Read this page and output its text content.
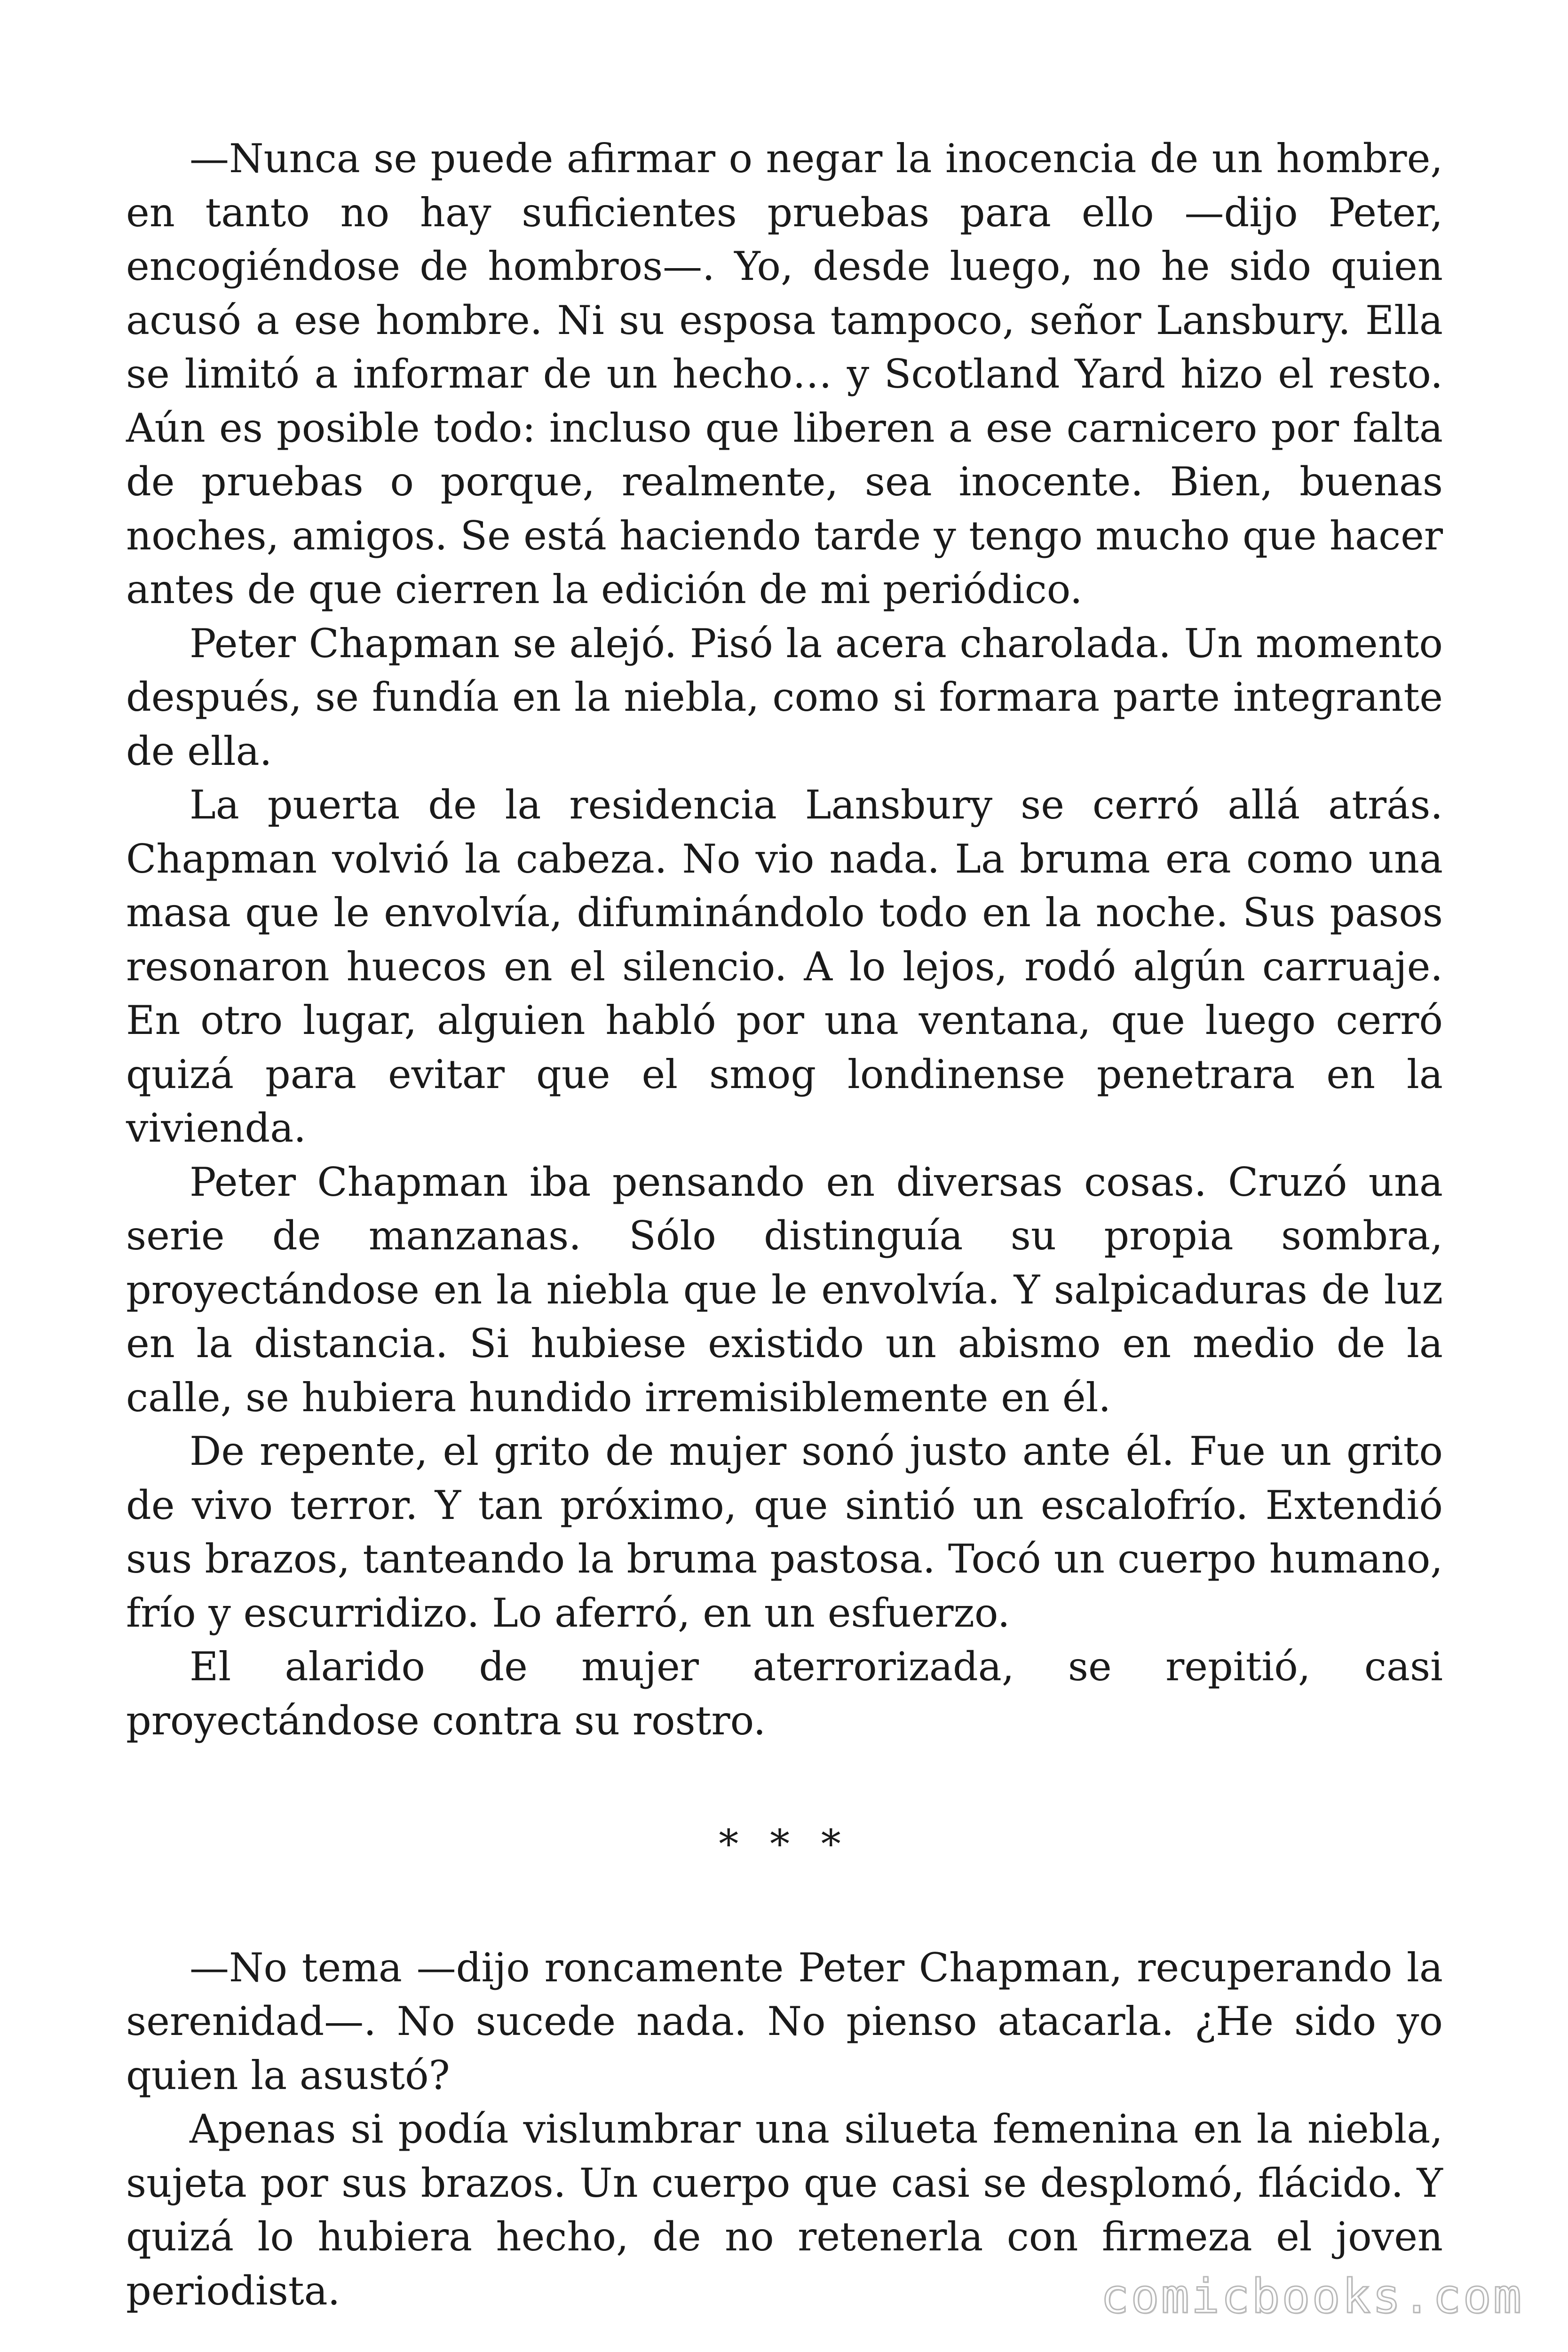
—Nunca se puede afirmar o negar la inocencia de un hombre, en tanto no hay suficientes pruebas para ello —dijo Peter, encogiéndose de hombros—. Yo, desde luego, no he sido quien acusó a ese hombre. Ni su esposa tampoco, señor Lansbury. Ella se limitó a informar de un hecho… y Scotland Yard hizo el resto. Aún es posible todo: incluso que liberen a ese carnicero por falta de pruebas o porque, realmente, sea inocente. Bien, buenas noches, amigos. Se está haciendo tarde y tengo mucho que hacer antes de que cierren la edición de mi periódico.

Peter Chapman se alejó. Pisó la acera charolada. Un momento después, se fundía en la niebla, como si formara parte integrante de ella.

La puerta de la residencia Lansbury se cerró allá atrás. Chapman volvió la cabeza. No vio nada. La bruma era como una masa que le envolvía, difuminándolo todo en la noche. Sus pasos resonaron huecos en el silencio. A lo lejos, rodó algún carruaje. En otro lugar, alguien habló por una ventana, que luego cerró quizá para evitar que el smog londinense penetrara en la vivienda.

Peter Chapman iba pensando en diversas cosas. Cruzó una serie de manzanas. Sólo distinguía su propia sombra, proyectándose en la niebla que le envolvía. Y salpicaduras de luz en la distancia. Si hubiese existido un abismo en medio de la calle, se hubiera hundido irremisiblemente en él.

De repente, el grito de mujer sonó justo ante él. Fue un grito de vivo terror. Y tan próximo, que sintió un escalofrío. Extendió sus brazos, tanteando la bruma pastosa. Tocó un cuerpo humano, frío y escurridizo. Lo aferró, en un esfuerzo.

El alarido de mujer aterrorizada, se repitió, casi proyectándose contra su rostro.

* * *

—No tema —dijo roncamente Peter Chapman, recuperando la serenidad—. No sucede nada. No pienso atacarla. ¿He sido yo quien la asustó?

Apenas si podía vislumbrar una silueta femenina en la niebla, sujeta por sus brazos. Un cuerpo que casi se desplomó, flácido. Y quizá lo hubiera hecho, de no retenerla con firmeza el joven periodista.	comicbooks.com
